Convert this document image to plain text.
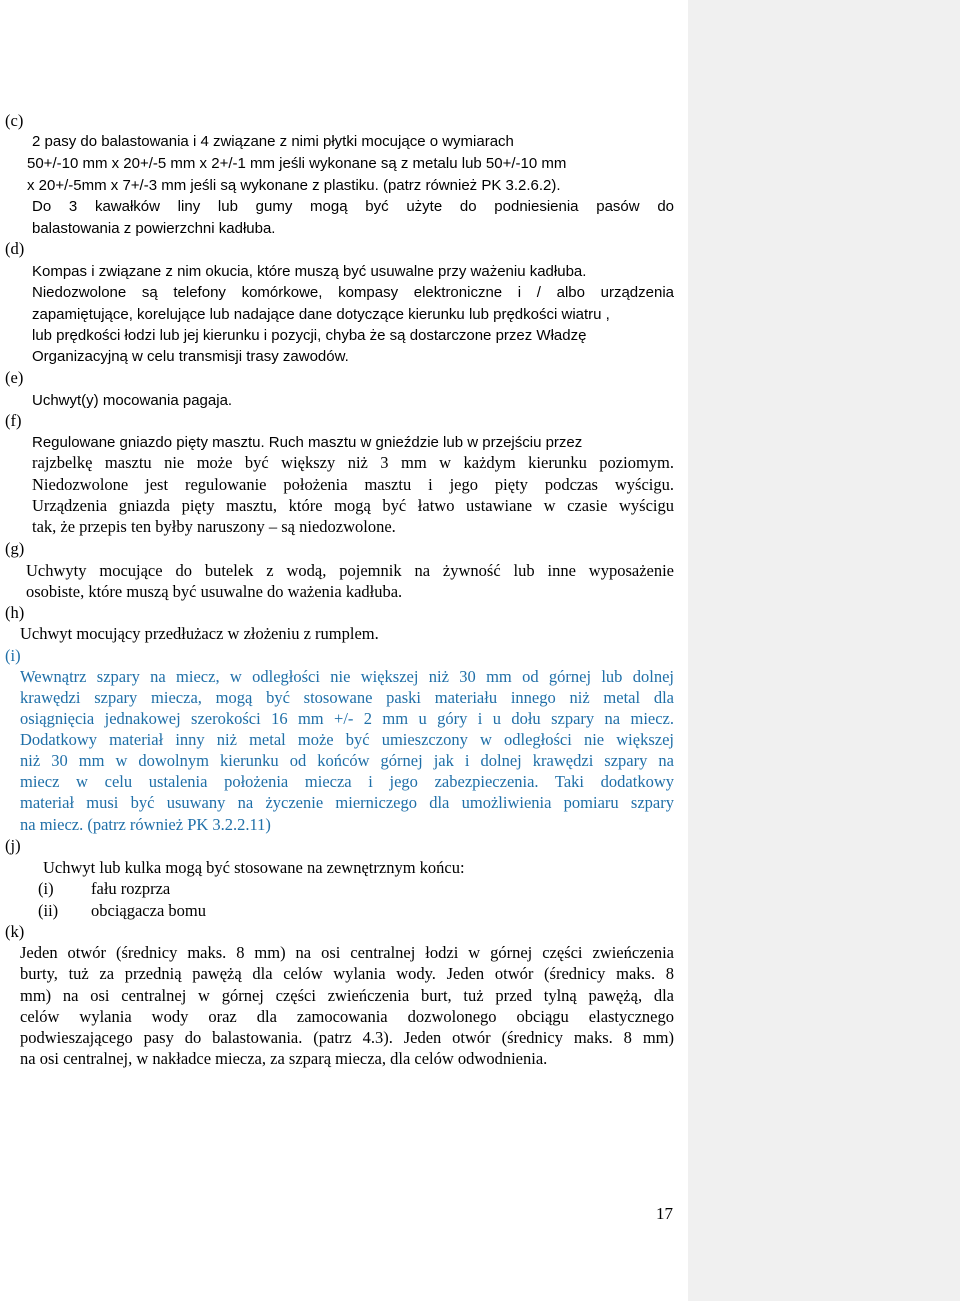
(c)
2 pasy do balastowania i 4 związane z nimi płytki mocujące o wymiarach
50+/-10 mm x 20+/-5 mm x 2+/-1 mm jeśli wykonane są z metalu lub 50+/-10 mm
x 20+/-5mm x 7+/-3 mm jeśli są wykonane z plastiku. (patrz również PK 3.2.6.2).
Do 3 kawałków liny lub gumy mogą być użyte do podniesienia pasów do
balastowania z powierzchni kadłuba.
(d)
Kompas i związane z nim okucia, które muszą być usuwalne przy ważeniu kadłuba.
Niedozwolone są telefony komórkowe, kompasy elektroniczne i / albo urządzenia
zapamiętujące, korelujące lub nadające dane dotyczące kierunku lub prędkości wiatru ,
lub prędkości łodzi lub jej kierunku i pozycji, chyba że są dostarczone przez Władzę
Organizacyjną w celu transmisji trasy zawodów.
(e)
Uchwyt(y) mocowania pagaja.
(f)
Regulowane gniazdo pięty masztu. Ruch masztu w gnieździe lub w przejściu przez
rajzbelkę masztu nie może być większy niż 3 mm w każdym kierunku poziomym.
Niedozwolone jest regulowanie położenia masztu i jego pięty podczas wyścigu.
Urządzenia gniazda pięty masztu, które mogą być łatwo ustawiane w czasie wyścigu
tak, że przepis ten byłby naruszony – są niedozwolone.
(g)
Uchwyty mocujące do butelek z wodą, pojemnik na żywność lub inne wyposażenie
osobiste, które muszą być usuwalne do ważenia kadłuba.
(h)
Uchwyt mocujący przedłużacz w złożeniu z rumplem.
(i)
Wewnątrz szpary na miecz, w odległości nie większej niż 30 mm od górnej lub dolnej
krawędzi szpary miecza, mogą być stosowane paski materiału innego niż metal dla
osiągnięcia jednakowej szerokości 16 mm +/- 2 mm u góry i u dołu szpary na miecz.
Dodatkowy materiał inny niż metal może być umieszczony w odległości nie większej
niż 30 mm w dowolnym kierunku od końców górnej jak i dolnej krawędzi szpary na
miecz w celu ustalenia położenia miecza i jego zabezpieczenia. Taki dodatkowy
materiał musi być usuwany na życzenie mierniczego dla umożliwienia pomiaru szpary
na miecz. (patrz również PK 3.2.2.11)
(j)
Uchwyt lub kulka mogą być stosowane na zewnętrznym końcu:
(i) fału rozprza
(ii) obciągacza bomu
(k)
Jeden otwór (średnicy maks. 8 mm) na osi centralnej łodzi w górnej części zwieńczenia
burty, tuż za przednią pawężą dla celów wylania wody. Jeden otwór (średnicy maks. 8
mm) na osi centralnej w górnej części zwieńczenia burt, tuż przed tylną pawężą, dla
celów wylania wody oraz dla zamocowania dozwolonego obciągu elastycznego
podwieszającego pasy do balastowania. (patrz 4.3). Jeden otwór (średnicy maks. 8 mm)
na osi centralnej, w nakładce miecza, za szparą miecza, dla celów odwodnienia.
17
